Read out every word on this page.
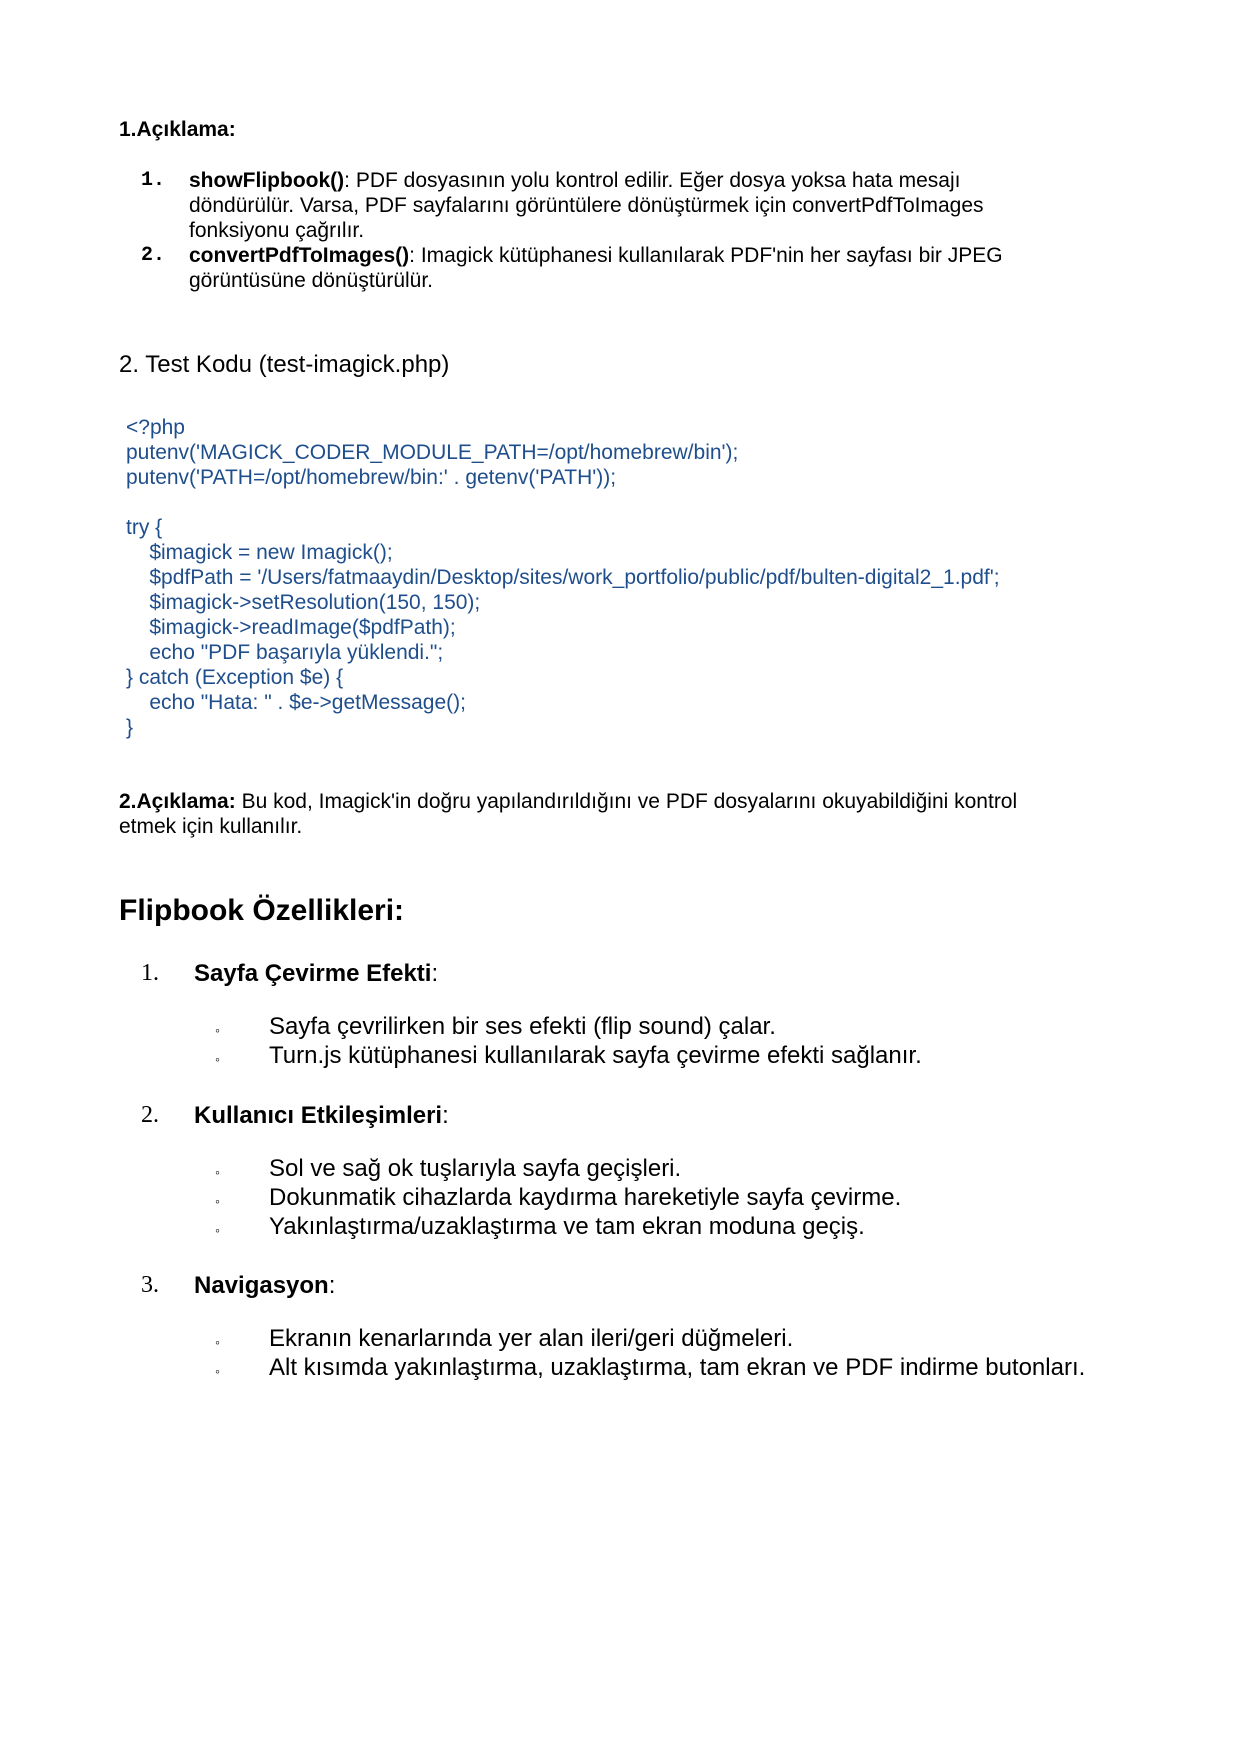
1.Açıklama:
1. showFlipbook(): PDF dosyasının yolu kontrol edilir. Eğer dosya yoksa hata mesajı
döndürülür. Varsa, PDF sayfalarını görüntülere dönüştürmek için convertPdfToImages
fonksiyonu çağrılır.
2. convertPdfToImages(): Imagick kütüphanesi kullanılarak PDF'nin her sayfası bir JPEG
görüntüsüne dönüştürülür.
2. Test Kodu (test-imagick.php)
<?php
putenv('MAGICK_CODER_MODULE_PATH=/opt/homebrew/bin');
putenv('PATH=/opt/homebrew/bin:' . getenv('PATH'));
try {
$imagick = new Imagick();
$pdfPath = '/Users/fatmaaydin/Desktop/sites/work_portfolio/public/pdf/bulten-digital2_1.pdf';
$imagick->setResolution(150, 150);
$imagick->readImage($pdfPath);
echo "PDF başarıyla yüklendi.";
} catch (Exception $e) {
echo "Hata: " . $e->getMessage();
}
2.Açıklama: Bu kod, Imagick'in doğru yapılandırıldığını ve PDF dosyalarını okuyabildiğini kontrol
etmek için kullanılır.
Flipbook Özellikleri:
1. Sayfa Çevirme Efekti:
◦ Sayfa çevrilirken bir ses efekti (flip sound) çalar.
◦ Turn.js kütüphanesi kullanılarak sayfa çevirme efekti sağlanır.
2. Kullanıcı Etkileşimleri:
◦ Sol ve sağ ok tuşlarıyla sayfa geçişleri.
◦ Dokunmatik cihazlarda kaydırma hareketiyle sayfa çevirme.
◦ Yakınlaştırma/uzaklaştırma ve tam ekran moduna geçiş.
3. Navigasyon:
◦ Ekranın kenarlarında yer alan ileri/geri düğmeleri.
◦ Alt kısımda yakınlaştırma, uzaklaştırma, tam ekran ve PDF indirme butonları.
